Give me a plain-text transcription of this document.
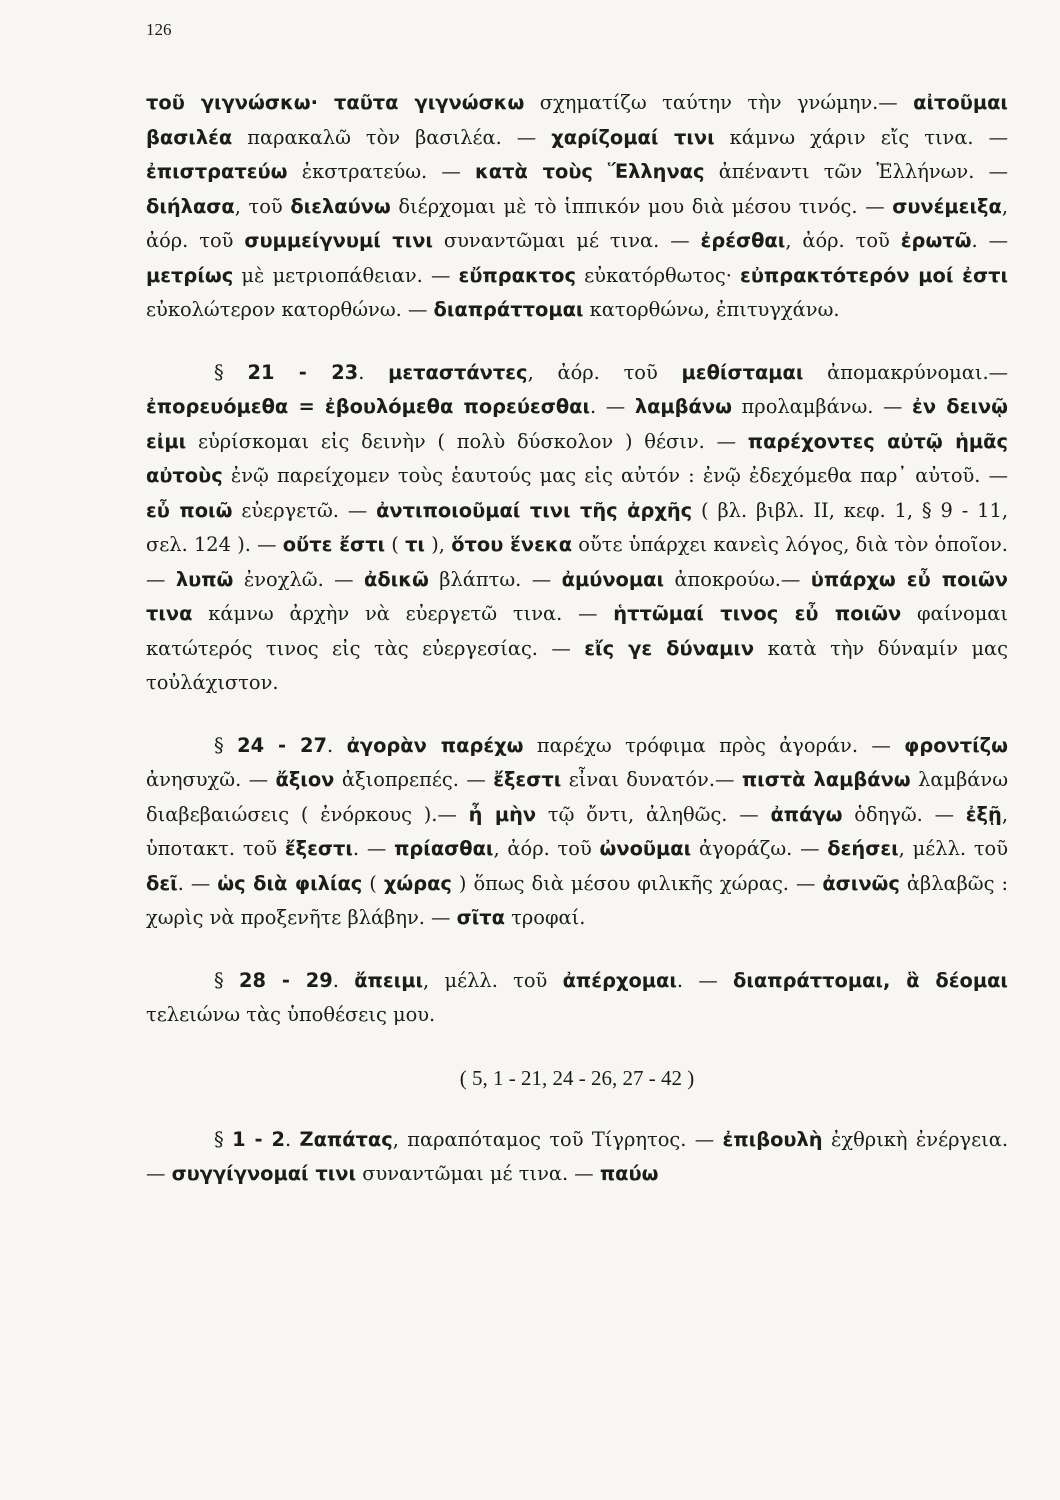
126

τοῦ γιγνώσκω· ταῦτα γιγνώσκω σχηματίζω ταύτην τὴν γνώμην.— αἰτοῦμαι βασιλέα παρακαλῶ τὸν βασιλέα. — χαρίζομαί τινι κάμνω χάριν εἴς τινα. — ἐπιστρατεύω ἐκστρατεύω. — κατὰ τοὺς Ἕλληνας ἀπέναντι τῶν Ἑλλήνων. — διήλασα, τοῦ διελαύνω διέρχομαι μὲ τὸ ἱππικόν μου διὰ μέσου τινός. — συνέμειξα, ἀόρ. τοῦ συμμείγνυμί τινι συναντῶμαι μέ τινα. — ἐρέσθαι, ἀόρ. τοῦ ἐρωτῶ. — μετρίως μὲ μετριοπάθειαν. — εὔπρακτος εὐκατόρθωτος· εὐπρακτότερόν μοί ἐστι εὐκολώτερον κατορθώνω. — διαπράττομαι κατορθώνω, ἐπιτυγχάνω.

§ 21 - 23. μεταστάντες, ἀόρ. τοῦ μεθίσταμαι ἀπομακρύνομαι.— ἐπορευόμεθα = ἐβουλόμεθα πορεύεσθαι. — λαμβάνω προλαμβάνω. — ἐν δεινῷ εἰμι εὑρίσκομαι εἰς δεινὴν ( πολὺ δύσκολον ) θέσιν. — παρέχοντες αὐτῷ ἡμᾶς αὐτοὺς ἐνῷ παρείχομεν τοὺς ἑαυτούς μας εἰς αὐτόν : ἐνῷ ἐδεχόμεθα παρ᾽ αὐτοῦ. — εὖ ποιῶ εὐεργετῶ. — ἀντιποιοῦμαί τινι τῆς ἀρχῆς ( βλ. βιβλ. II, κεφ. 1, § 9 - 11, σελ. 124 ). — οὔτε ἔστι ( τι ), ὅτου ἕνεκα οὔτε ὑπάρχει κανεὶς λόγος, διὰ τὸν ὁποῖον. — λυπῶ ἐνοχλῶ. — ἀδικῶ βλάπτω. — ἀμύνομαι ἀποκρούω.— ὑπάρχω εὖ ποιῶν τινα κάμνω ἀρχὴν νὰ εὐεργετῶ τινα. — ἡττῶμαί τινος εὖ ποιῶν φαίνομαι κατώτερός τινος εἰς τὰς εὐεργεσίας. — εἴς γε δύναμιν κατὰ τὴν δύναμίν μας τοὐλάχιστον.

§ 24 - 27. ἀγορὰν παρέχω παρέχω τρόφιμα πρὸς ἀγοράν. — φροντίζω ἀνησυχῶ. — ἄξιον ἀξιοπρεπές. — ἔξεστι εἶναι δυνατόν.— πιστὰ λαμβάνω λαμβάνω διαβεβαιώσεις ( ἐνόρκους ).— ἦ μὴν τῷ ὄντι, ἀληθῶς. — ἀπάγω ὁδηγῶ. — ἐξῇ, ὑποτακτ. τοῦ ἔξεστι. — πρίασθαι, ἀόρ. τοῦ ὠνοῦμαι ἀγοράζω. — δεήσει, μέλλ. τοῦ δεῖ. — ὡς διὰ φιλίας ( χώρας ) ὅπως διὰ μέσου φιλικῆς χώρας. — ἀσινῶς ἀβλαβῶς : χωρὶς νὰ προξενῆτε βλάβην. — σῖτα τροφαί.

§ 28 - 29. ἄπειμι, μέλλ. τοῦ ἀπέρχομαι. — διαπράττομαι, ἃ δέομαι τελειώνω τὰς ὑποθέσεις μου.

( 5, 1 - 21, 24 - 26, 27 - 42 )

§ 1 - 2. Ζαπάτας, παραπόταμος τοῦ Τίγρητος. — ἐπιβουλὴ ἐχθρικὴ ἐνέργεια. — συγγίγνομαί τινι συναντῶμαι μέ τινα. — παύω
